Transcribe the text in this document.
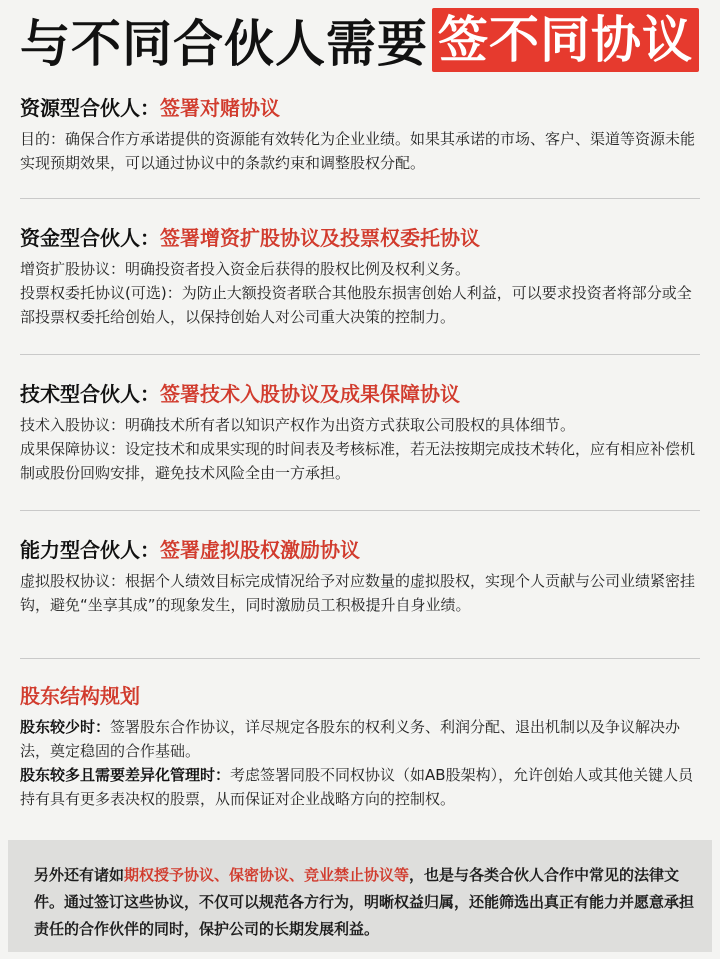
与不同合伙人需要 签不同协议
资源型合伙人：签署对赌协议

目的：确保合作方承诺提供的资源能有效转化为企业业绩。如果其承诺的市场、客户、渠道等资源未能实现预期效果，可以通过协议中的条款约束和调整股权分配。

资金型合伙人：签署增资扩股协议及投票权委托协议

增资扩股协议：明确投资者投入资金后获得的股权比例及权利义务。

投票权委托协议(可选)：为防止大额投资者联合其他股东损害创始人利益，可以要求投资者将部分或全部投票权委托给创始人，以保持创始人对公司重大决策的控制力。

技术型合伙人：签署技术入股协议及成果保障协议

技术入股协议：明确技术所有者以知识产权作为出资方式获取公司股权的具体细节。

成果保障协议：设定技术和成果实现的时间表及考核标准，若无法按期完成技术转化，应有相应补偿机制或股份回购安排，避免技术风险全由一方承担。

能力型合伙人：签署虚拟股权激励协议

虚拟股权协议：根据个人绩效目标完成情况给予对应数量的虚拟股权，实现个人贡献与公司业绩紧密挂钩，避免“坐享其成”的现象发生，同时激励员工积极提升自身业绩。

股东结构规划

股东较少时：签署股东合作协议，详尽规定各股东的权利义务、利润分配、退出机制以及争议解决办法，奠定稳固的合作基础。

股东较多且需要差异化管理时：考虑签署同股不同权协议（如AB股架构），允许创始人或其他关键人员持有具有更多表决权的股票，从而保证对企业战略方向的控制权。

另外还有诸如期权授予协议、保密协议、竞业禁止协议等，也是与各类合伙人合作中常见的法律文件。通过签订这些协议，不仅可以规范各方行为，明晰权益归属，还能筛选出真正有能力并愿意承担责任的合作伙伴的同时，保护公司的长期发展利益。
